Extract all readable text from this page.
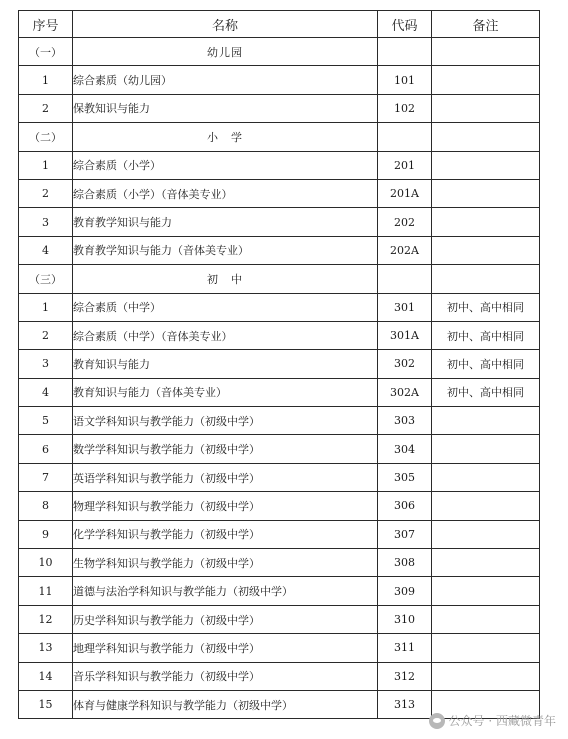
序号	名称	代码	备注
（一）	幼儿园		
1	综合素质（幼儿园）	101	
2	保教知识与能力	102	
（二）	小　学		
1	综合素质（小学）	201	
2	综合素质（小学）（音体美专业）	201A	
3	教育教学知识与能力	202	
4	教育教学知识与能力（音体美专业）	202A	
（三）	初　中		
1	综合素质（中学）	301	初中、高中相同
2	综合素质（中学）（音体美专业）	301A	初中、高中相同
3	教育知识与能力	302	初中、高中相同
4	教育知识与能力（音体美专业）	302A	初中、高中相同
5	语文学科知识与教学能力（初级中学）	303	
6	数学学科知识与教学能力（初级中学）	304	
7	英语学科知识与教学能力（初级中学）	305	
8	物理学科知识与教学能力（初级中学）	306	
9	化学学科知识与教学能力（初级中学）	307	
10	生物学科知识与教学能力（初级中学）	308	
11	道德与法治学科知识与教学能力（初级中学）	309	
12	历史学科知识与教学能力（初级中学）	310	
13	地理学科知识与教学能力（初级中学）	311	
14	音乐学科知识与教学能力（初级中学）	312	
15	体育与健康学科知识与教学能力（初级中学）	313	
公众号 · 西藏微青年
